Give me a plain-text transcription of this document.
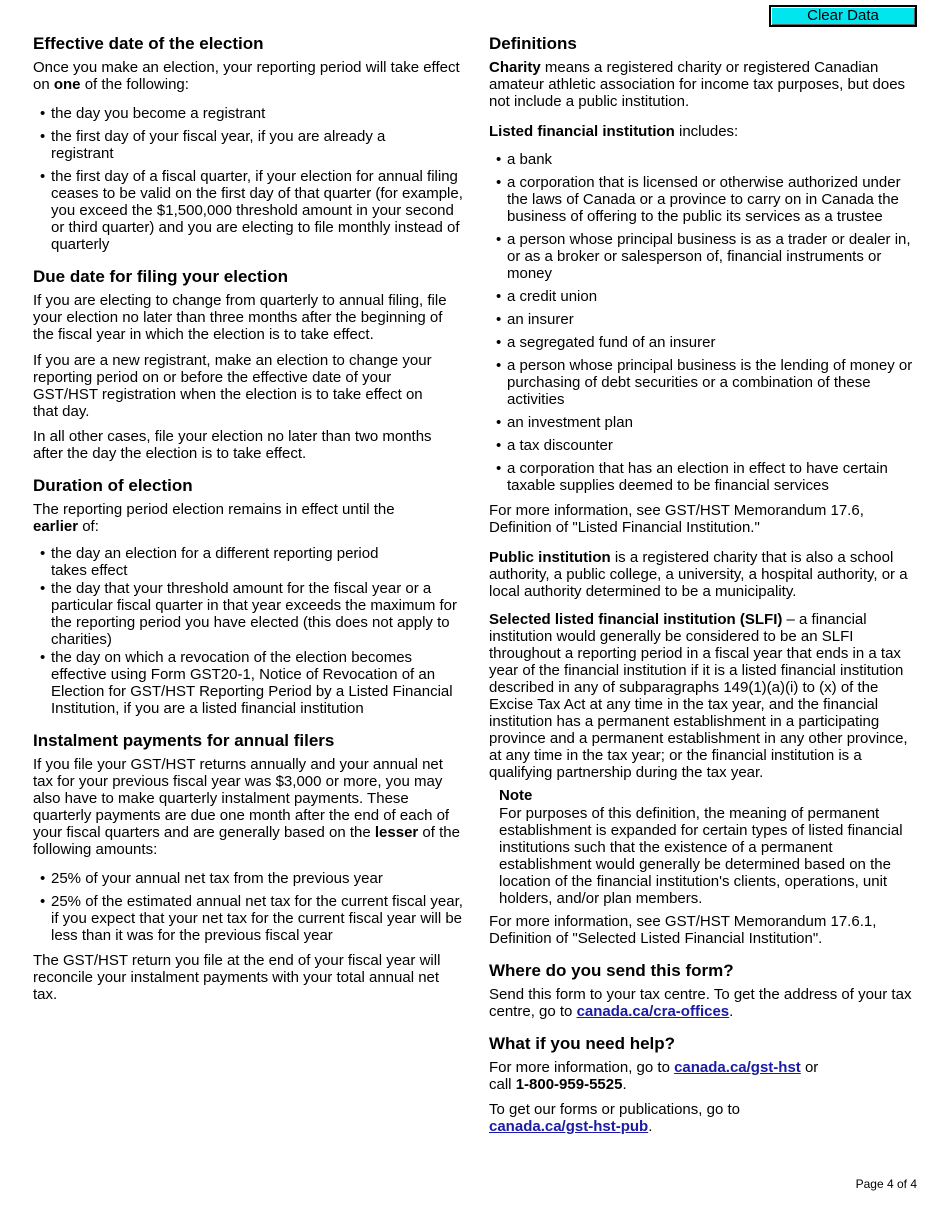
Clear Data
Effective date of the election

Once you make an election, your reporting period will take effect on one of the following:

• the day you become a registrant
• the first day of your fiscal year, if you are already a registrant
• the first day of a fiscal quarter, if your election for annual filing ceases to be valid on the first day of that quarter (for example, you exceed the $1,500,000 threshold amount in your second or third quarter) and you are electing to file monthly instead of quarterly
Due date for filing your election

If you are electing to change from quarterly to annual filing, file your election no later than three months after the beginning of the fiscal year in which the election is to take effect.

If you are a new registrant, make an election to change your reporting period on or before the effective date of your GST/HST registration when the election is to take effect on that day.

In all other cases, file your election no later than two months after the day the election is to take effect.

Duration of election

The reporting period election remains in effect until the earlier of:

• the day an election for a different reporting period takes effect
• the day that your threshold amount for the fiscal year or a particular fiscal quarter in that year exceeds the maximum for the reporting period you have elected (this does not apply to charities)
• the day on which a revocation of the election becomes effective using Form GST20-1, Notice of Revocation of an Election for GST/HST Reporting Period by a Listed Financial Institution, if you are a listed financial institution
Instalment payments for annual filers

If you file your GST/HST returns annually and your annual net tax for your previous fiscal year was $3,000 or more, you may also have to make quarterly instalment payments. These quarterly payments are due one month after the end of each of your fiscal quarters and are generally based on the lesser of the following amounts:

• 25% of your annual net tax from the previous year
• 25% of the estimated annual net tax for the current fiscal year, if you expect that your net tax for the current fiscal year will be less than it was for the previous fiscal year

The GST/HST return you file at the end of your fiscal year will reconcile your instalment payments with your total annual net tax.

Definitions

Charity means a registered charity or registered Canadian amateur athletic association for income tax purposes, but does not include a public institution.

Listed financial institution includes:

• a bank
• a corporation that is licensed or otherwise authorized under the laws of Canada or a province to carry on in Canada the business of offering to the public its services as a trustee
• a person whose principal business is as a trader or dealer in, or as a broker or salesperson of, financial instruments or money
• a credit union
• an insurer
• a segregated fund of an insurer
• a person whose principal business is the lending of money or purchasing of debt securities or a combination of these activities
• an investment plan
• a tax discounter
• a corporation that has an election in effect to have certain taxable supplies deemed to be financial services

For more information, see GST/HST Memorandum 17.6, Definition of "Listed Financial Institution."

Public institution is a registered charity that is also a school authority, a public college, a university, a hospital authority, or a local authority determined to be a municipality.

Selected listed financial institution (SLFI) – a financial institution would generally be considered to be an SLFI throughout a reporting period in a fiscal year that ends in a tax year of the financial institution if it is a listed financial institution described in any of subparagraphs 149(1)(a)(i) to (x) of the Excise Tax Act at any time in the tax year, and the financial institution has a permanent establishment in a participating province and a permanent establishment in any other province, at any time in the tax year; or the financial institution is a qualifying partnership during the tax year.

Note

For purposes of this definition, the meaning of permanent establishment is expanded for certain types of listed financial institutions such that the existence of a permanent establishment would generally be determined based on the location of the financial institution's clients, operations, unit holders, and/or plan members.

For more information, see GST/HST Memorandum 17.6.1, Definition of "Selected Listed Financial Institution".

Where do you send this form?

Send this form to your tax centre. To get the address of your tax centre, go to canada.ca/cra-offices.

What if you need help?

For more information, go to canada.ca/gst-hst or call 1-800-959-5525.

To get our forms or publications, go to canada.ca/gst-hst-pub.

Page 4 of 4
